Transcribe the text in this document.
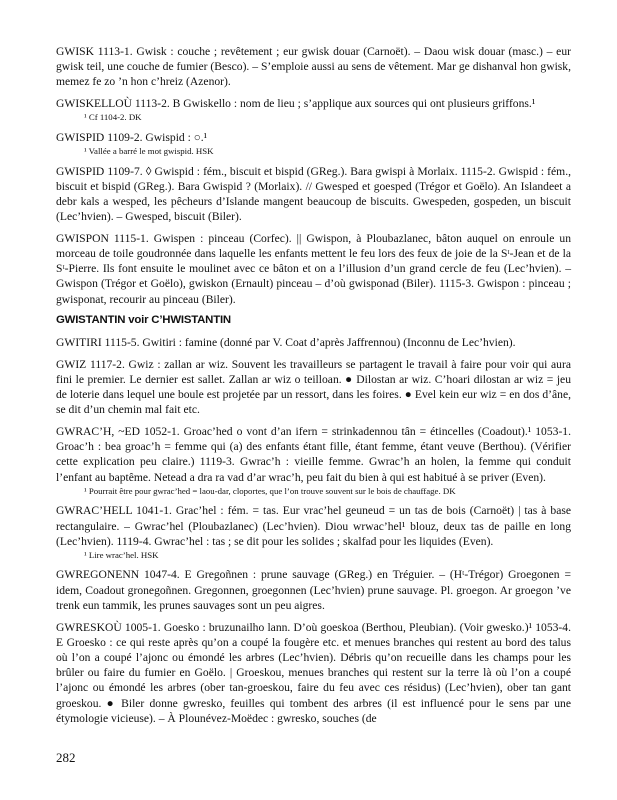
GWISK 1113-1. Gwisk : couche ; revêtement ; eur gwisk douar (Carnoët). – Daou wisk douar (masc.) – eur gwisk teil, une couche de fumier (Besco). – S’emploie aussi au sens de vêtement. Mar ge dishanval hon gwisk, memez fe zo ’n hon c’hreiz (Azenor).

GWISKELLOÙ 1113-2. B Gwiskello : nom de lieu ; s’applique aux sources qui ont plusieurs griffons.¹
¹ Cf 1104-2. DK

GWISPID 1109-2. Gwispid : ○.¹
¹ Vallée a barré le mot gwispid. HSK

GWISPID 1109-7. ◊ Gwispid : fém., biscuit et bispid (GReg.). Bara gwispi à Morlaix. 1115-2. Gwispid : fém., biscuit et bispid (GReg.). Bara Gwispid ? (Morlaix). // Gwesped et goesped (Trégor et Goëlo). An Islandeet a debr kals a wesped, les pêcheurs d’Islande mangent beaucoup de biscuits. Gwespeden, gospeden, un biscuit (Lec’hvien). – Gwesped, biscuit (Biler).

GWISPON 1115-1. Gwispen : pinceau (Corfec). || Gwispon, à Ploubazlanec, bâton auquel on enroule un morceau de toile goudronnée dans laquelle les enfants mettent le feu lors des feux de joie de la Sᵗ-Jean et de la Sᵗ-Pierre. Ils font ensuite le moulinet avec ce bâton et on a l’illusion d’un grand cercle de feu (Lec’hvien). – Gwispon (Trégor et Goëlo), gwiskon (Ernault) pinceau – d’où gwisponad (Biler). 1115-3. Gwispon : pinceau ; gwisponat, recourir au pinceau (Biler).

GWISTANTIN voir C’HWISTANTIN

GWITIRI 1115-5. Gwitiri : famine (donné par V. Coat d’après Jaffrennou) (Inconnu de Lec’hvien).

GWIZ 1117-2. Gwiz : zallan ar wiz. Souvent les travailleurs se partagent le travail à faire pour voir qui aura fini le premier. Le dernier est sallet. Zallan ar wiz o teilloan. ● Dilostan ar wiz. C’hoari dilostan ar wiz = jeu de loterie dans lequel une boule est projetée par un ressort, dans les foires. ● Evel kein eur wiz = en dos d’âne, se dit d’un chemin mal fait etc.

GWRAC’H, ~ED 1052-1. Groac’hed o vont d’an ifern = strinkadennou tân = étincelles (Coadout).¹ 1053-1. Groac’h : bea groac’h = femme qui (a) des enfants étant fille, étant femme, étant veuve (Berthou). (Vérifier cette explication peu claire.) 1119-3. Gwrac’h : vieille femme. Gwrac’h an holen, la femme qui conduit l’enfant au baptême. Netead a dra ra vad d’ar wrac’h, peu fait du bien à qui est habitué à se priver (Even).
¹ Pourrait être pour gwrac’hed = laou-dar, cloportes, que l’on trouve souvent sur le bois de chauffage. DK

GWRAC’HELL 1041-1. Grac’hel : fém. = tas. Eur vrac’hel geuneud = un tas de bois (Carnoët) | tas à base rectangulaire. – Gwrac’hel (Ploubazlanec) (Lec’hvien). Diou wrwac’hel¹ blouz, deux tas de paille en long (Lec’hvien). 1119-4. Gwrac’hel : tas ; se dit pour les solides ; skalfad pour les liquides (Even).
¹ Lire wrac’hel. HSK

GWREGONENN 1047-4. E Gregoñnen : prune sauvage (GReg.) en Tréguier. – (Hᵗ-Trégor) Groegonen = idem, Coadout gronegoñnen. Gregonnen, groegonnen (Lec’hvien) prune sauvage. Pl. groegon. Ar groegon ’ve trenk eun tammik, les prunes sauvages sont un peu aigres.

GWRESKOÙ 1005-1. Goesko : bruzunailho lann. D’où goeskoa (Berthou, Pleubian). (Voir gwesko.)¹ 1053-4. E Groesko : ce qui reste après qu’on a coupé la fougère etc. et menues branches qui restent au bord des talus où l’on a coupé l’ajonc ou émondé les arbres (Lec’hvien). Débris qu’on recueille dans les champs pour les brûler ou faire du fumier en Goëlo. | Groeskou, menues branches qui restent sur la terre là où l’on a coupé l’ajonc ou émondé les arbres (ober tan-groeskou, faire du feu avec ces résidus) (Lec’hvien), ober tan gant groeskou. ● Biler donne gwresko, feuilles qui tombent des arbres (il est influencé pour le sens par une étymologie vicieuse). – À Plounévez-Moëdec : gwresko, souches (de

282
